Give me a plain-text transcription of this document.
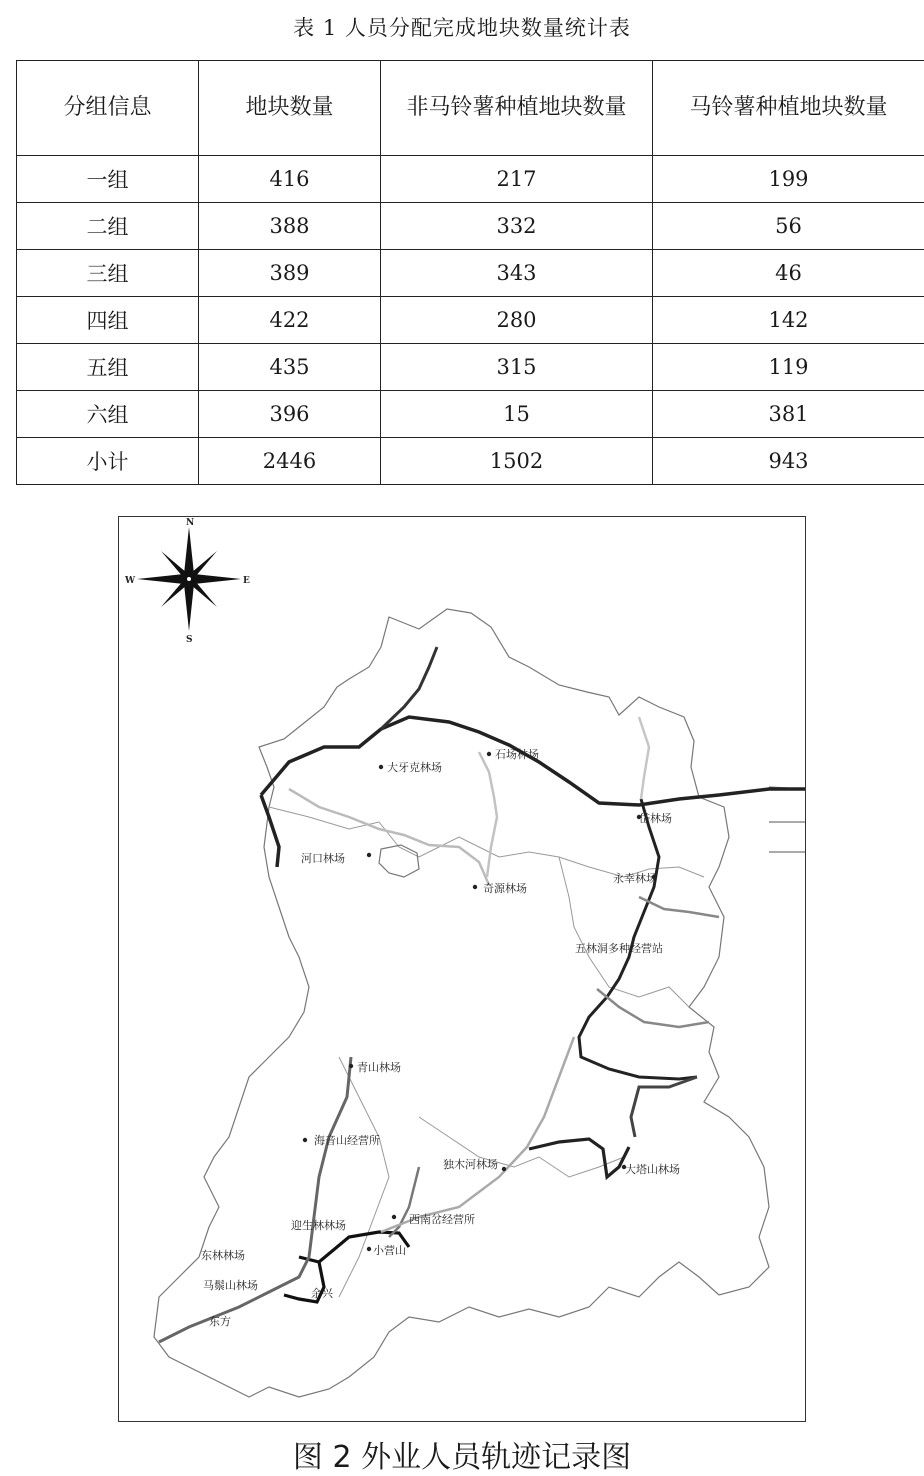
表 1 人员分配完成地块数量统计表
分组信息	地块数量	非马铃薯种植地块数量	马铃薯种植地块数量
一组	416	217	199
二组	388	332	56
三组	389	343	46
四组	422	280	142
五组	435	315	119
六组	396	15	381
小计	2446	1502	943
N
S
E
W
石场林场
大牙克林场
岱林场
河口林场
奇源林场
永幸林场
五林洞多种经营站
青山林场
海音山经营所
独木河林场	大塔山林场
迎生林林场	西南岔经营所
小营山
东林林场
马鬃山林场
东方
余兴
图 2 外业人员轨迹记录图
